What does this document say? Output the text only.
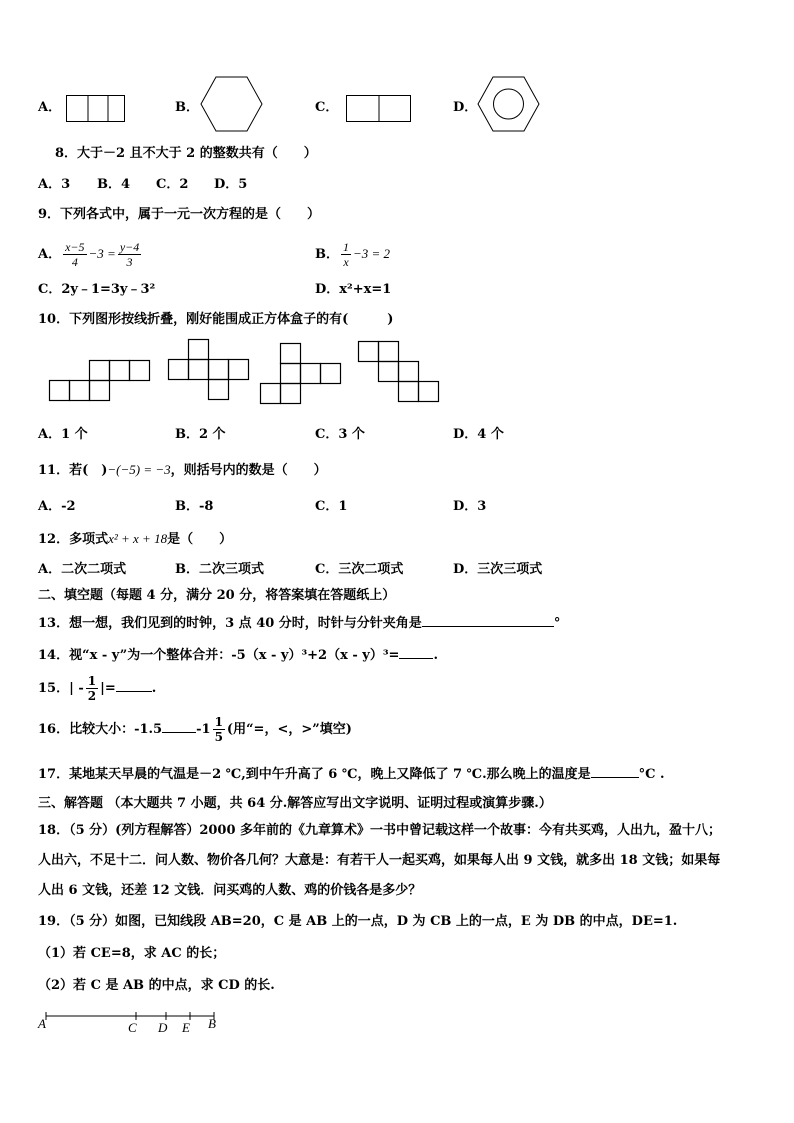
A．	B．	C．	D．
8．大于－2 且不大于 2 的整数共有（　　）
A．3 B．4 C．2 D．5
9．下列各式中，属于一元一次方程的是（　　）
A． $\frac{x-5}{4} -3 = \frac{y-4}{3}$	B． $\frac{1}{x} -3 = 2$
C．2y﹣1=3y﹣3²	D．x²+x=1
10．下列图形按线折叠，刚好能围成正方体盒子的有(　　　)
A．1 个	B．2 个	C．3 个	D．4 个
11．若(　)−(−5) = −3，则括号内的数是（　　）
A．-2	B．-8	C．1	D．3
12．多项式x² + x + 18是（　　）
A．二次二项式	B．二次三项式	C．三次二项式	D．三次三项式
二、填空题（每题 4 分，满分 20 分，将答案填在答题纸上）
13．想一想，我们见到的时钟，3 点 40 分时，时针与分针夹角是	°
14．视“x - y”为一个整体合并：-5（x - y）³+2（x - y）³=	.
15．| - $\frac{1}{2}$ |=	.
16．比较大小：-1.5	$-1 \frac{1}{5}$ (用“=，<，>”填空)
17．某地某天早晨的气温是－2 ℃,到中午升高了 6 ℃，晚上又降低了 7 ℃.那么晚上的温度是	°C .
三、解答题 （本大题共 7 小题，共 64 分.解答应写出文字说明、证明过程或演算步骤.）
18．（5 分）(列方程解答）2000 多年前的《九章算术》一书中曾记载这样一个故事：今有共买鸡，人出九，盈十八；
人出六，不足十二．问人数、物价各几何？大意是：有若干人一起买鸡，如果每人出 9 文钱，就多出 18 文钱；如果每
人出 6 文钱，还差 12 文钱．问买鸡的人数、鸡的价钱各是多少？
19．（5 分）如图，已知线段 AB=20，C 是 AB 上的一点，D 为 CB 上的一点，E 为 DB 的中点，DE=1.
（1）若 CE=8，求 AC 的长；
（2）若 C 是 AB 的中点，求 CD 的长.
A	C D E B
